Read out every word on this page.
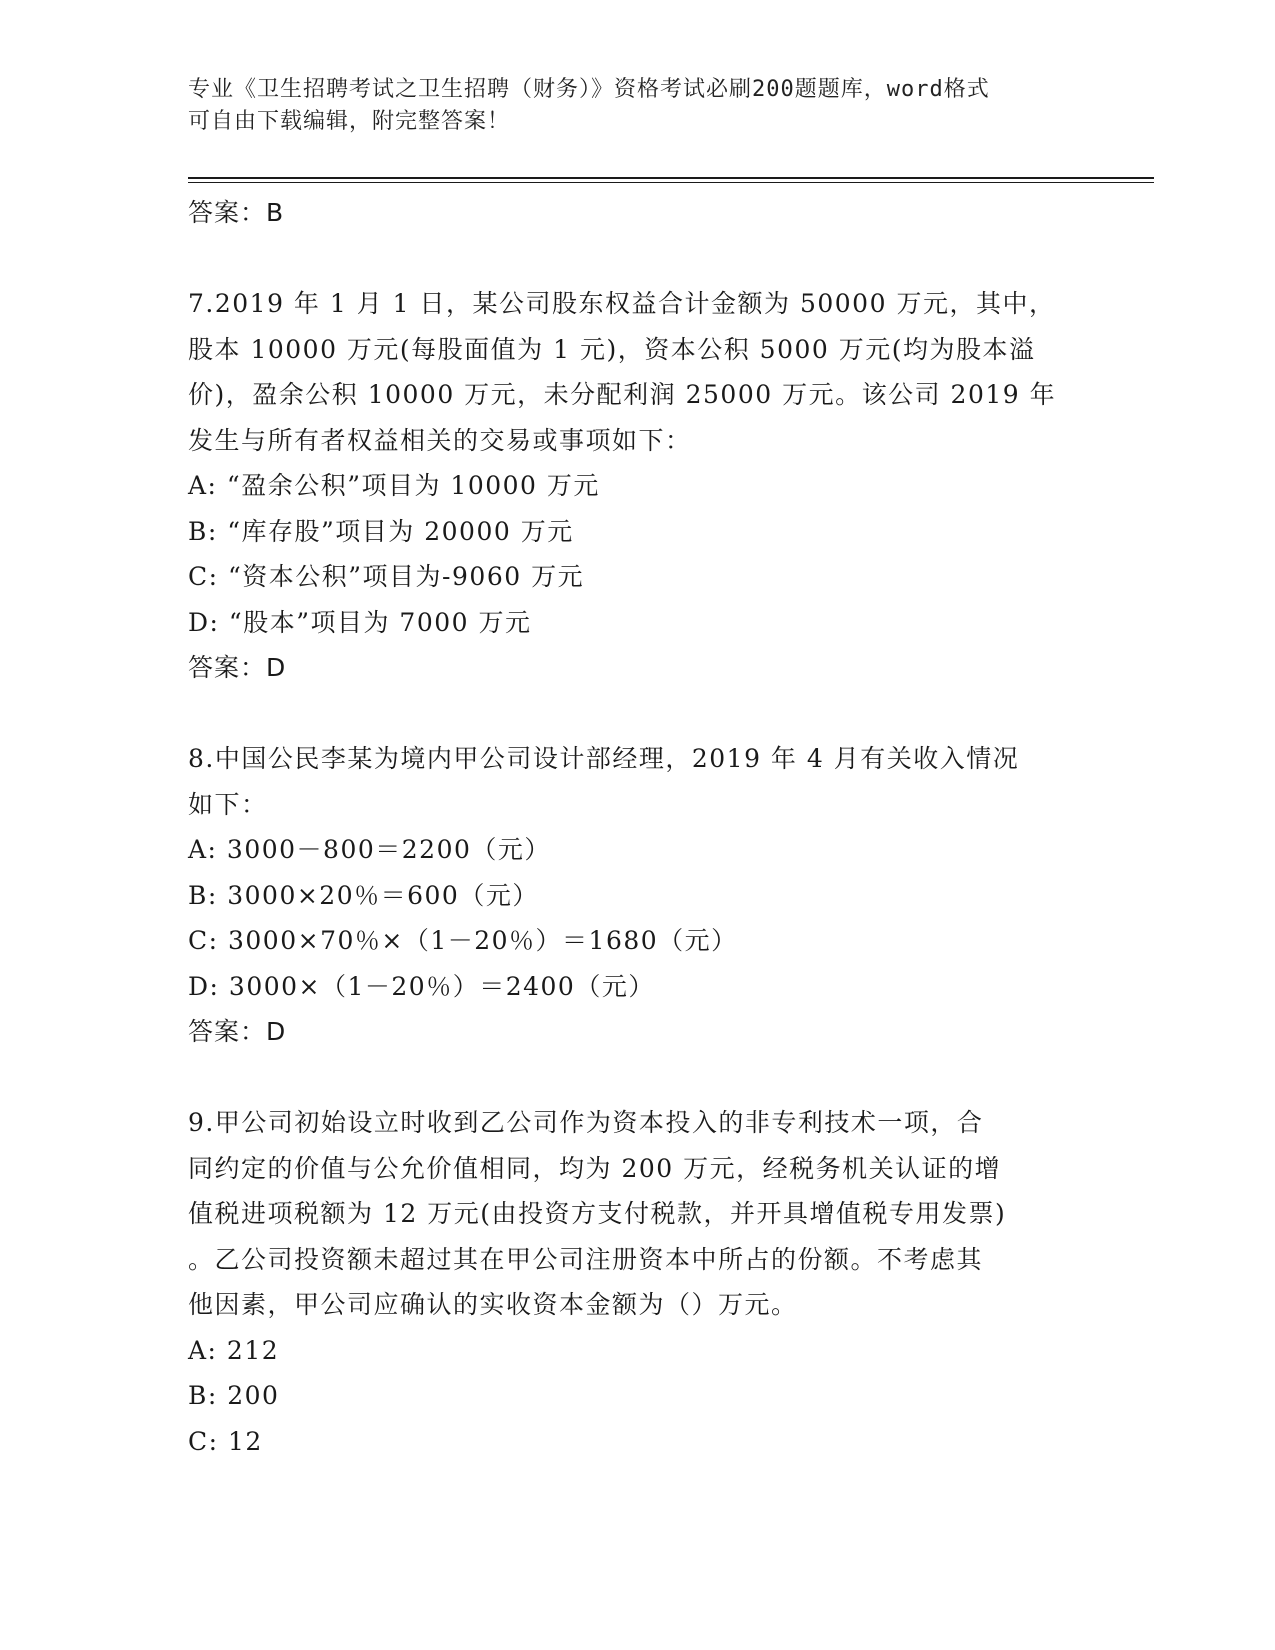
专业《卫生招聘考试之卫生招聘（财务）》资格考试必刷200题题库，word格式
可自由下载编辑，附完整答案！
答案：B
7.2019 年 1 月 1 日，某公司股东权益合计金额为 50000 万元，其中，
股本 10000 万元(每股面值为 1 元)，资本公积 5000 万元(均为股本溢
价)，盈余公积 10000 万元，未分配利润 25000 万元。该公司 2019 年
发生与所有者权益相关的交易或事项如下：
A: “盈余公积”项目为 10000 万元
B: “库存股”项目为 20000 万元
C: “资本公积”项目为-9060 万元
D: “股本”项目为 7000 万元
答案：D
8.中国公民李某为境内甲公司设计部经理，2019 年 4 月有关收入情况
如下：
A: 3000－800＝2200（元）
B: 3000×20％＝600（元）
C: 3000×70％×（1－20％）＝1680（元）
D: 3000×（1－20％）＝2400（元）
答案：D
9.甲公司初始设立时收到乙公司作为资本投入的非专利技术一项，合
同约定的价值与公允价值相同，均为 200 万元，经税务机关认证的增
值税进项税额为 12 万元(由投资方支付税款，并开具增值税专用发票)
。乙公司投资额未超过其在甲公司注册资本中所占的份额。不考虑其
他因素，甲公司应确认的实收资本金额为（）万元。
A: 212
B: 200
C: 12
